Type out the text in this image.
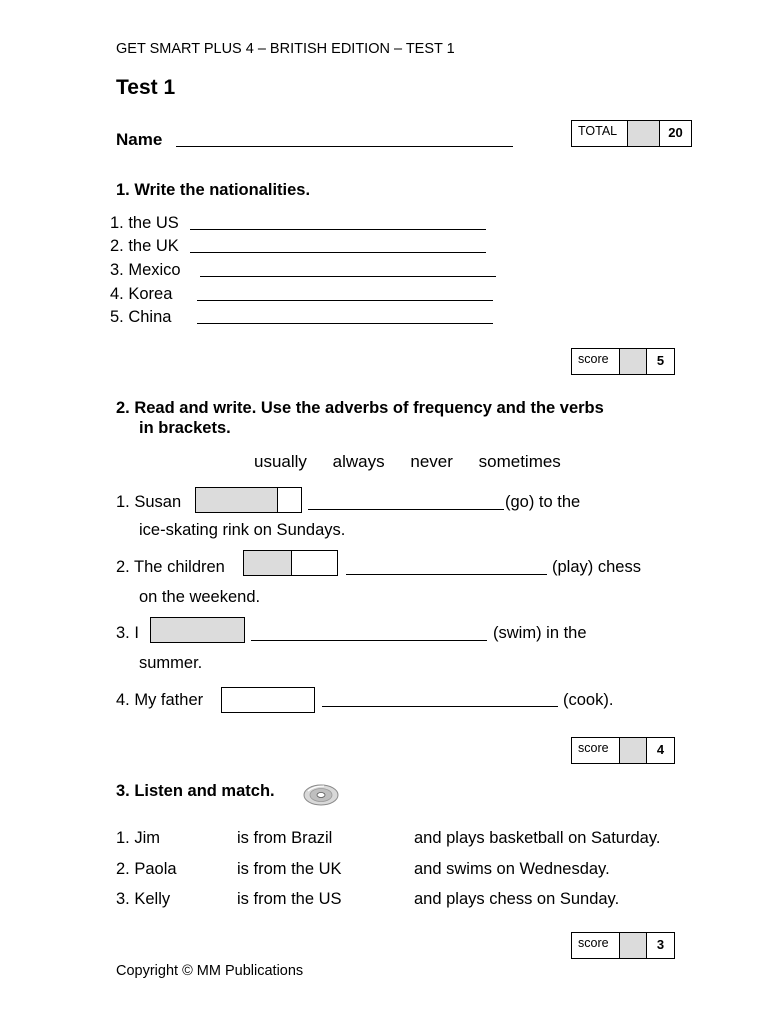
GET SMART PLUS 4 – BRITISH EDITION – TEST 1
Test 1
Name	TOTAL	20
1. Write the nationalities.
1. the US
2. the UK
3. Mexico
4. Korea
5. China
score	5
2. Read and write. Use the adverbs of frequency and the verbs
in brackets.
usually always never sometimes
1. Susan	(go) to the
ice-skating rink on Sundays.
2. The children	(play) chess
on the weekend.
3. I	(swim) in the
summer.
4. My father	(cook).
score	4
3. Listen and match.
1. Jim	is from Brazil	and plays basketball on Saturday.
2. Paola	is from the UK	and swims on Wednesday.
3. Kelly	is from the US	and plays chess on Sunday.
score	3
Copyright © MM Publications
